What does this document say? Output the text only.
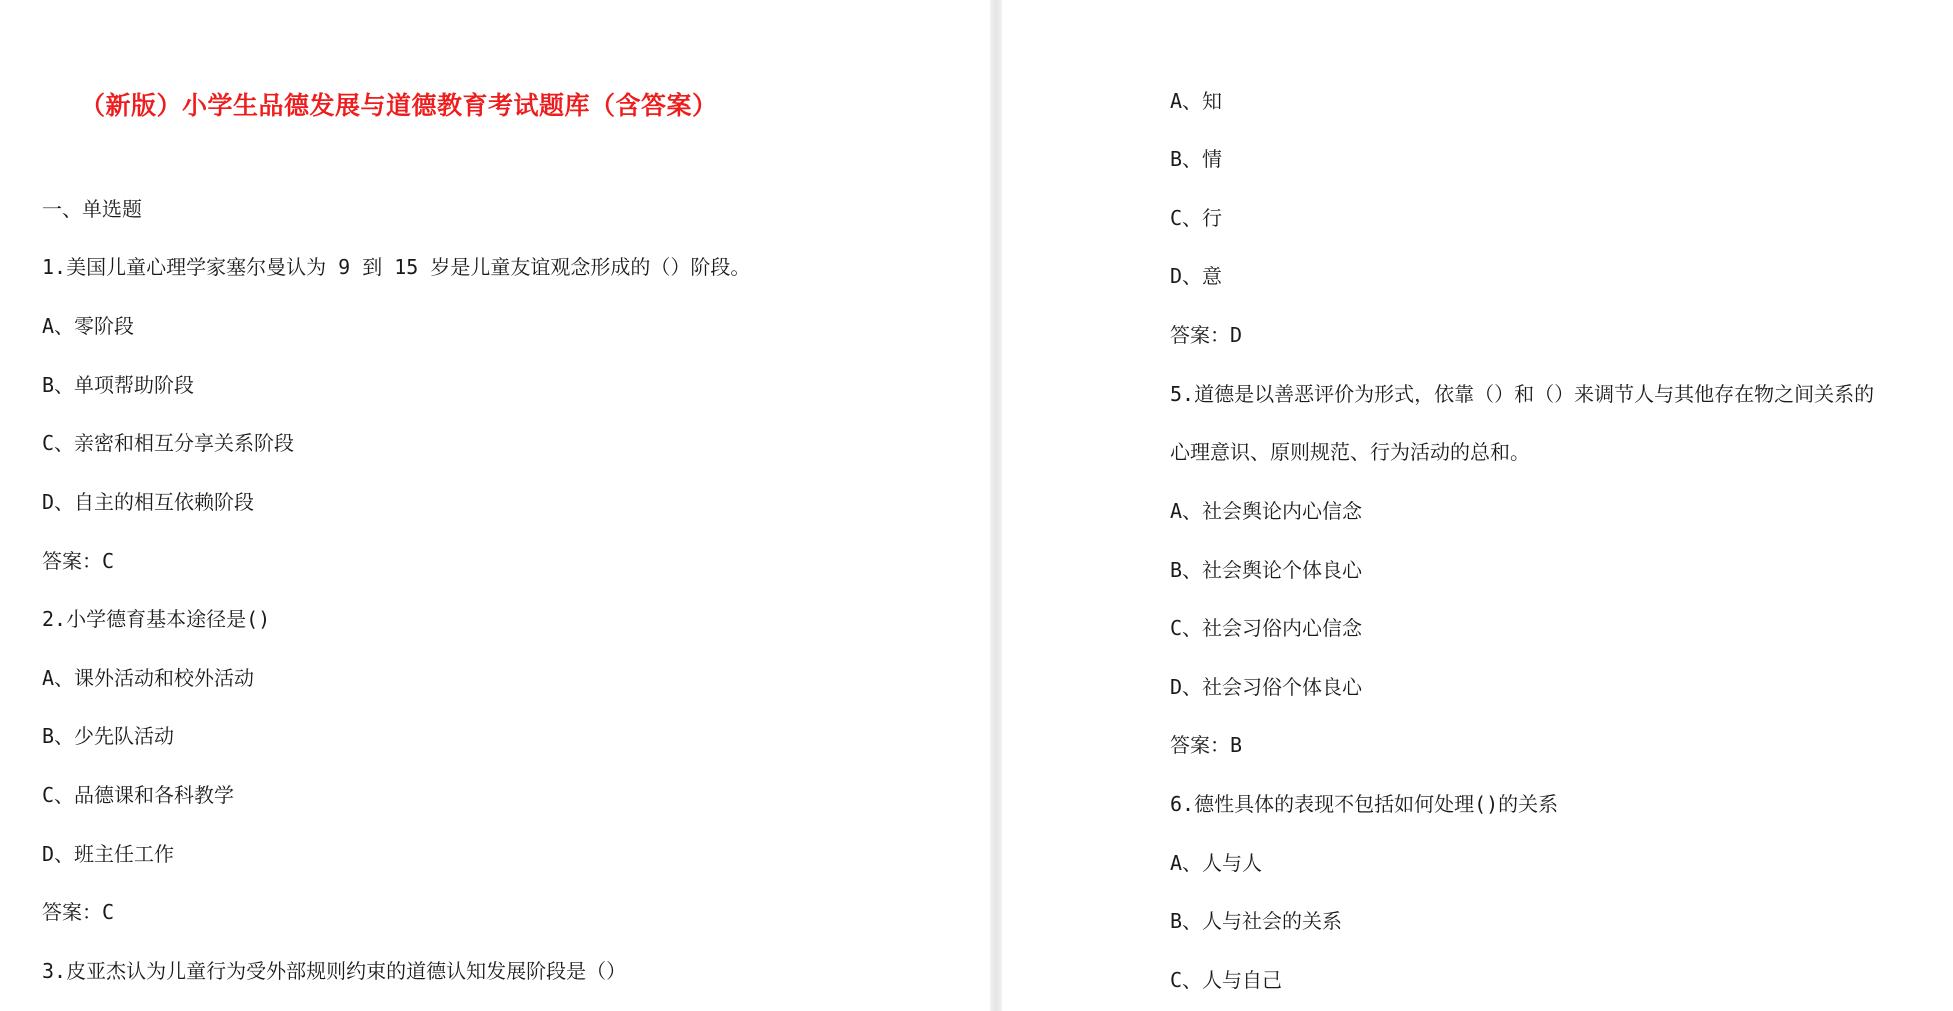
（新版）小学生品德发展与道德教育考试题库（含答案）
一、单选题
1.美国儿童心理学家塞尔曼认为 9 到 15 岁是儿童友谊观念形成的（）阶段。
A、零阶段
B、单项帮助阶段
C、亲密和相互分享关系阶段
D、自主的相互依赖阶段
答案：C
2.小学德育基本途径是()
A、课外活动和校外活动
B、少先队活动
C、品德课和各科教学
D、班主任工作
答案：C
3.皮亚杰认为儿童行为受外部规则约束的道德认知发展阶段是（）
A、知
B、情
C、行
D、意
答案：D
5.道德是以善恶评价为形式，依靠（）和（）来调节人与其他存在物之间关系的
心理意识、原则规范、行为活动的总和。
A、社会舆论内心信念
B、社会舆论个体良心
C、社会习俗内心信念
D、社会习俗个体良心
答案：B
6.德性具体的表现不包括如何处理()的关系
A、人与人
B、人与社会的关系
C、人与自己
